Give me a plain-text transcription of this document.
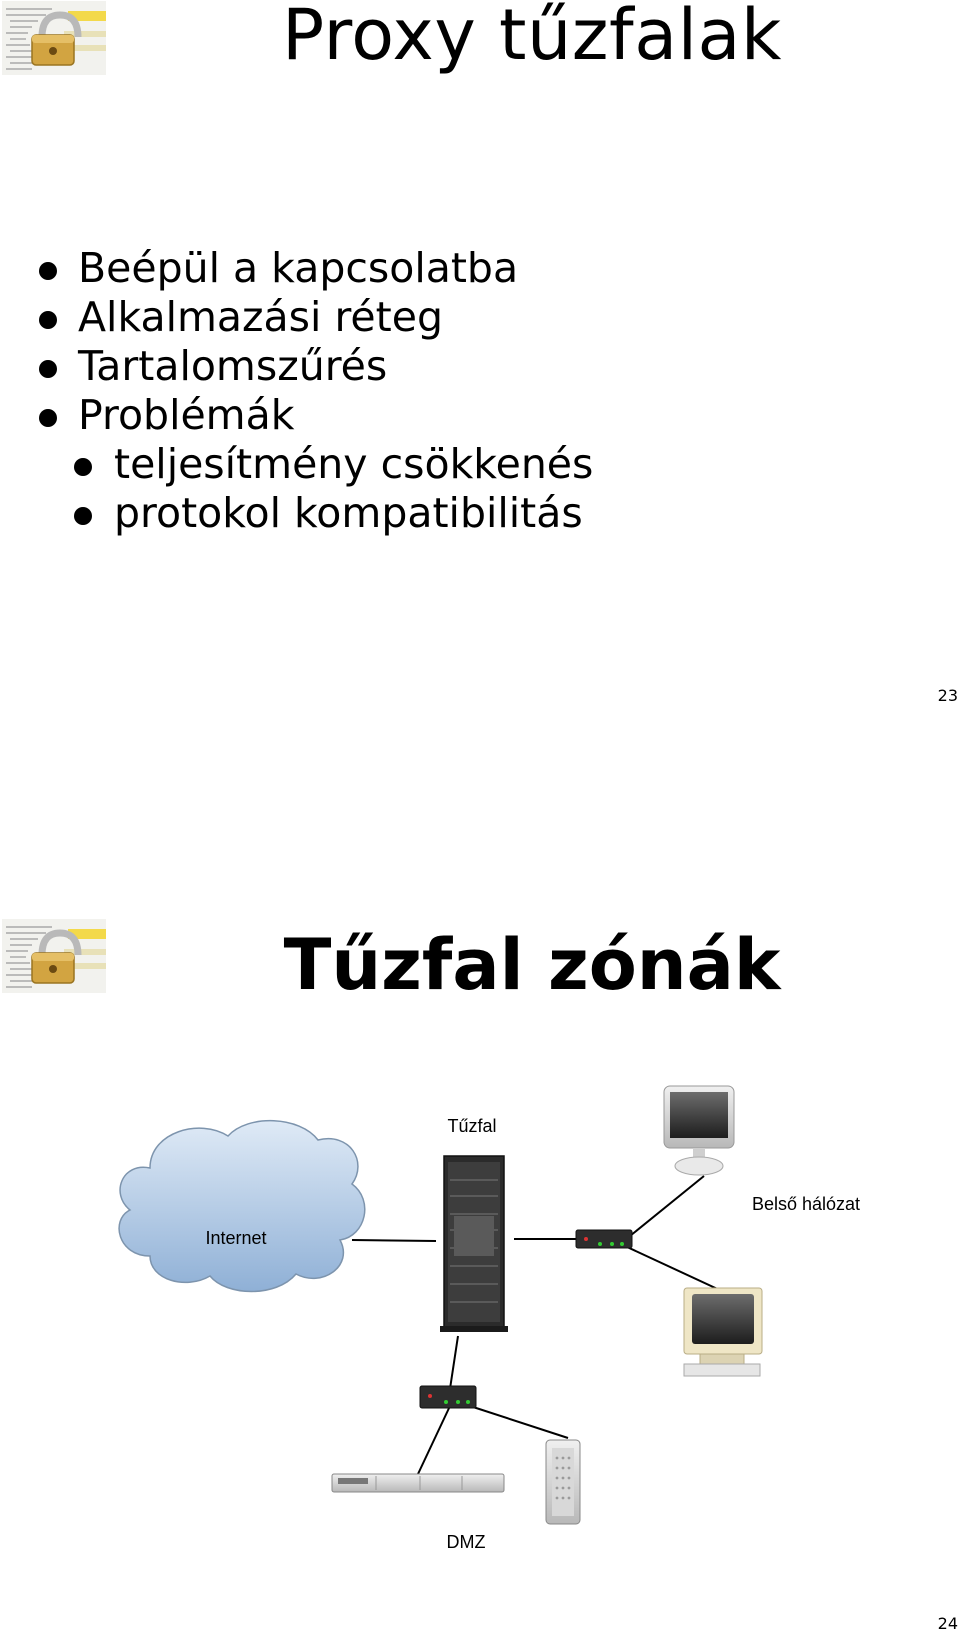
Proxy tűzfalak
Beépül a kapcsolatba
Alkalmazási réteg
Tartalomszűrés
Problémák
teljesítmény csökkenés
protokol kompatibilitás
23
Tűzfal zónák
Internet
Tűzfal
Belső hálózat
DMZ
24
